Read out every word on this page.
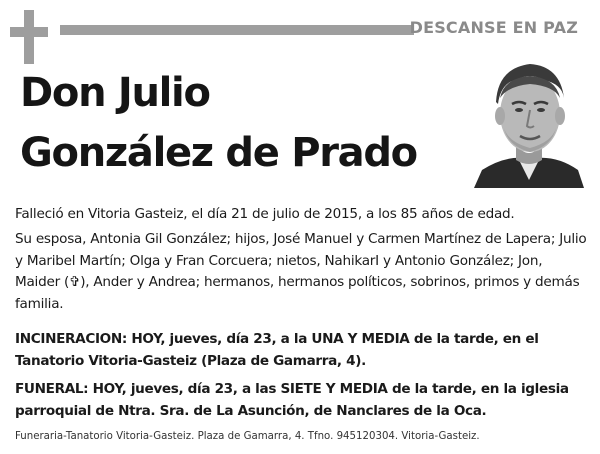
DESCANSE EN PAZ
Don Julio
González de Prado
Falleció en Vitoria Gasteiz, el día 21 de julio de 2015, a los 85 años de edad.
Su esposa, Antonia Gil González; hijos, José Manuel y Carmen Martínez de Lapera; Julio y Maribel Martín; Olga y Fran Corcuera; nietos, NahikarI y Antonio González; Jon, Maider (✞), Ander y Andrea; hermanos, hermanos políticos, sobrinos, primos y demás familia.
INCINERACION: HOY, jueves, día 23, a la UNA Y MEDIA de la tarde, en el Tanatorio Vitoria-Gasteiz (Plaza de Gamarra, 4).
FUNERAL: HOY, jueves, día 23, a las SIETE Y MEDIA de la tarde, en la iglesia parroquial de Ntra. Sra. de La Asunción, de Nanclares de la Oca.
Funeraria-Tanatorio Vitoria-Gasteiz. Plaza de Gamarra, 4. Tfno. 945120304. Vitoria-Gasteiz.
